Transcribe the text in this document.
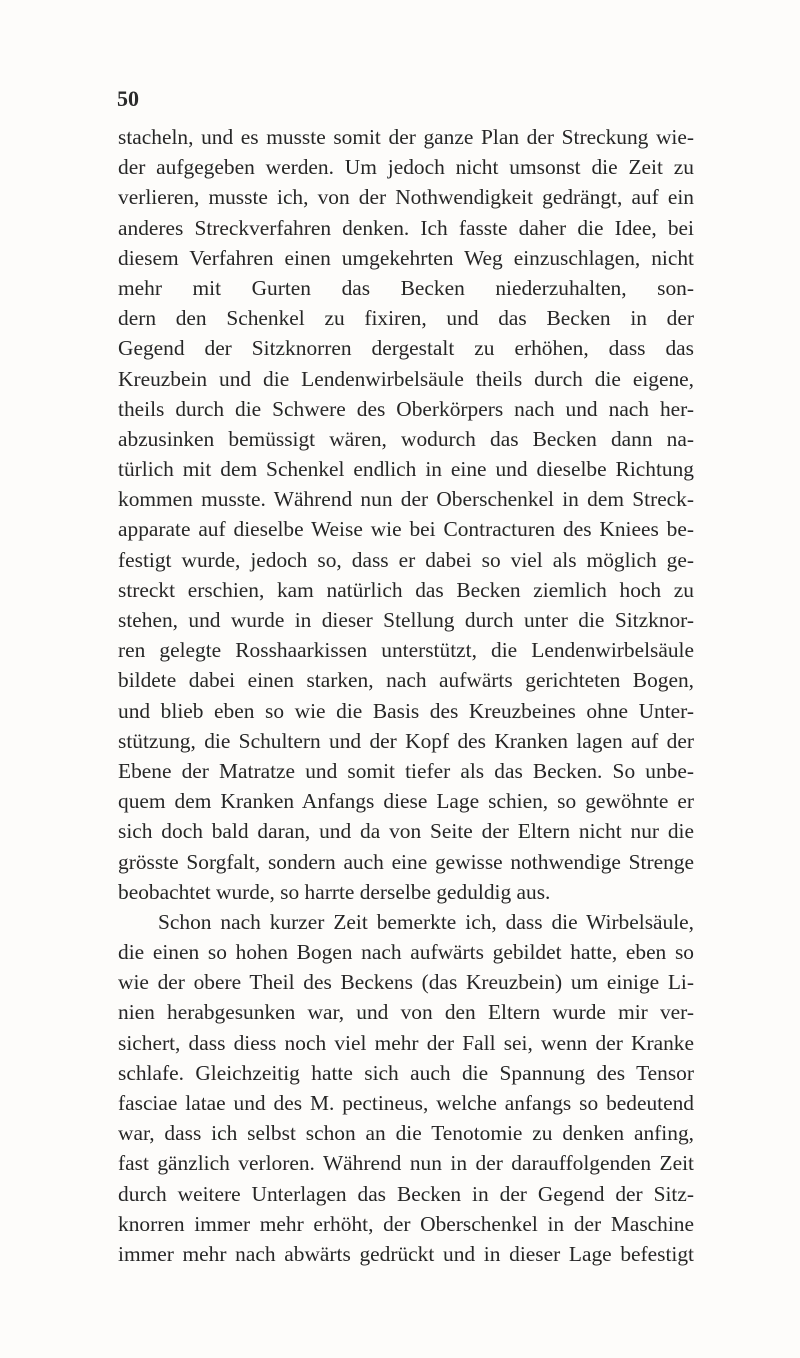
50
stacheln, und es musste somit der ganze Plan der Streckung wie-
der aufgegeben werden. Um jedoch nicht umsonst die Zeit zu
verlieren, musste ich, von der Nothwendigkeit gedrängt, auf ein
anderes Streckverfahren denken. Ich fasste daher die Idee, bei
diesem Verfahren einen umgekehrten Weg einzuschlagen, nicht
mehr mit Gurten das Becken niederzuhalten, son-
dern den Schenkel zu fixiren, und das Becken in der
Gegend der Sitzknorren dergestalt zu erhöhen, dass das
Kreuzbein und die Lendenwirbelsäule theils durch die eigene,
theils durch die Schwere des Oberkörpers nach und nach her-
abzusinken bemüssigt wären, wodurch das Becken dann na-
türlich mit dem Schenkel endlich in eine und dieselbe Richtung
kommen musste. Während nun der Oberschenkel in dem Streck-
apparate auf dieselbe Weise wie bei Contracturen des Kniees be-
festigt wurde, jedoch so, dass er dabei so viel als möglich ge-
streckt erschien, kam natürlich das Becken ziemlich hoch zu
stehen, und wurde in dieser Stellung durch unter die Sitzknor-
ren gelegte Rosshaarkissen unterstützt, die Lendenwirbelsäule
bildete dabei einen starken, nach aufwärts gerichteten Bogen,
und blieb eben so wie die Basis des Kreuzbeines ohne Unter-
stützung, die Schultern und der Kopf des Kranken lagen auf der
Ebene der Matratze und somit tiefer als das Becken. So unbe-
quem dem Kranken Anfangs diese Lage schien, so gewöhnte er
sich doch bald daran, und da von Seite der Eltern nicht nur die
grösste Sorgfalt, sondern auch eine gewisse nothwendige Strenge
beobachtet wurde, so harrte derselbe geduldig aus.
Schon nach kurzer Zeit bemerkte ich, dass die Wirbelsäule,
die einen so hohen Bogen nach aufwärts gebildet hatte, eben so
wie der obere Theil des Beckens (das Kreuzbein) um einige Li-
nien herabgesunken war, und von den Eltern wurde mir ver-
sichert, dass diess noch viel mehr der Fall sei, wenn der Kranke
schlafe. Gleichzeitig hatte sich auch die Spannung des Tensor
fasciae latae und des M. pectineus, welche anfangs so bedeutend
war, dass ich selbst schon an die Tenotomie zu denken anfing,
fast gänzlich verloren. Während nun in der darauffolgenden Zeit
durch weitere Unterlagen das Becken in der Gegend der Sitz-
knorren immer mehr erhöht, der Oberschenkel in der Maschine
immer mehr nach abwärts gedrückt und in dieser Lage befestigt
